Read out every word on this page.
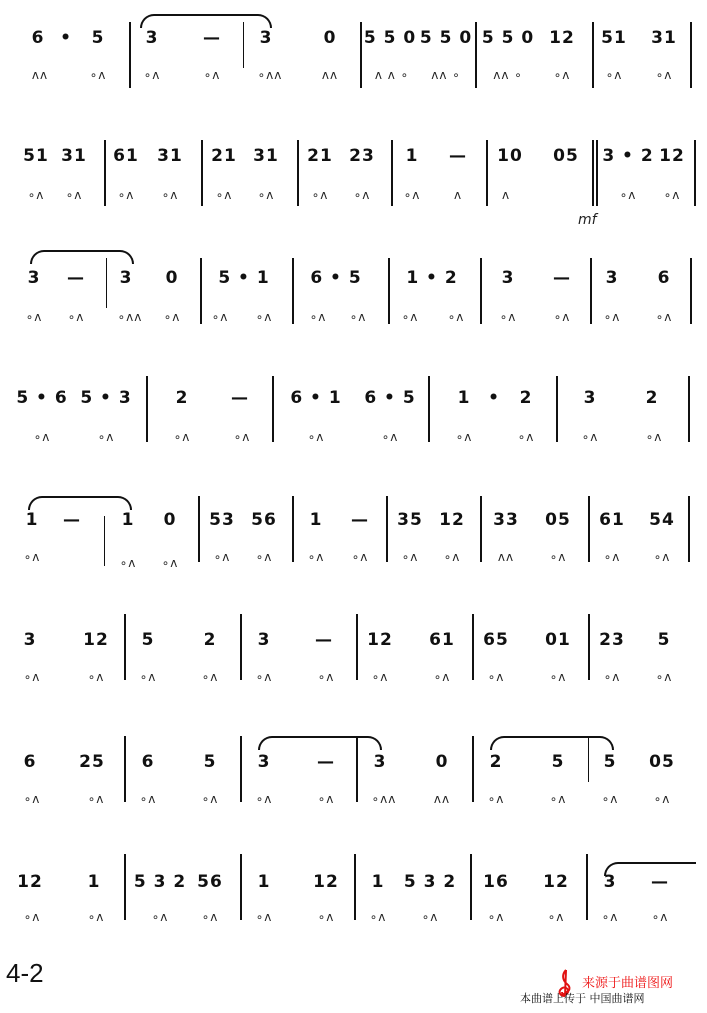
6 • 5 3	— 3	0 5 5 0 5 5 0 5 5 0 12 51 31
ʌʌ	∘ʌ	∘ʌ	∘ʌ	∘ʌʌ	ʌʌ	ʌ ʌ ∘ ʌʌ ∘	ʌʌ ∘	∘ʌ	∘ʌ	∘ʌ
51 31 61 31 21 31 21 23 1 — 10 05 3 • 2 12
∘ʌ ∘ʌ	∘ʌ ∘ʌ	∘ʌ ∘ʌ	∘ʌ ∘ʌ	∘ʌ	ʌ	ʌ	∘ʌ ∘ʌ
mf
3 — 3 0 5 • 1 6 • 5	1 • 2	3 — 3 6
∘ʌ ∘ʌ	∘ʌʌ ∘ʌ	∘ʌ ∘ʌ	∘ʌ ∘ʌ	∘ʌ ∘ʌ	∘ʌ	∘ʌ	∘ʌ	∘ʌ
5 • 6 5 • 3	2	— 6 • 1 6 • 5 1 • 2	3	2
∘ʌ	∘ʌ	∘ʌ	∘ʌ	∘ʌ	∘ʌ	∘ʌ	∘ʌ	∘ʌ	∘ʌ
1 — 1 0 53 56 1 — 35 12 33 05 61 54
∘ʌ	∘ʌ ∘ʌ	∘ʌ ∘ʌ	∘ʌ ∘ʌ	∘ʌ ∘ʌ	ʌʌ	∘ʌ	∘ʌ	∘ʌ
3	12 5	2 3	— 12 61 65 01 23 5
∘ʌ	∘ʌ	∘ʌ	∘ʌ	∘ʌ	∘ʌ	∘ʌ	∘ʌ	∘ʌ	∘ʌ	∘ʌ	∘ʌ
6	25 6	5 3	— 3	0 2	5 5 05
∘ʌ	∘ʌ	∘ʌ	∘ʌ	∘ʌ	∘ʌ	∘ʌʌ	ʌʌ	∘ʌ	∘ʌ	∘ʌ	∘ʌ
12	1 5 3 2 56 1	12 1 5 3 2 16 12 3 —
∘ʌ	∘ʌ	∘ʌ	∘ʌ	∘ʌ	∘ʌ	∘ʌ	∘ʌ	∘ʌ	∘ʌ	∘ʌ	∘ʌ
4-2	来源于曲谱图网
本曲谱上传于 中国曲谱网
